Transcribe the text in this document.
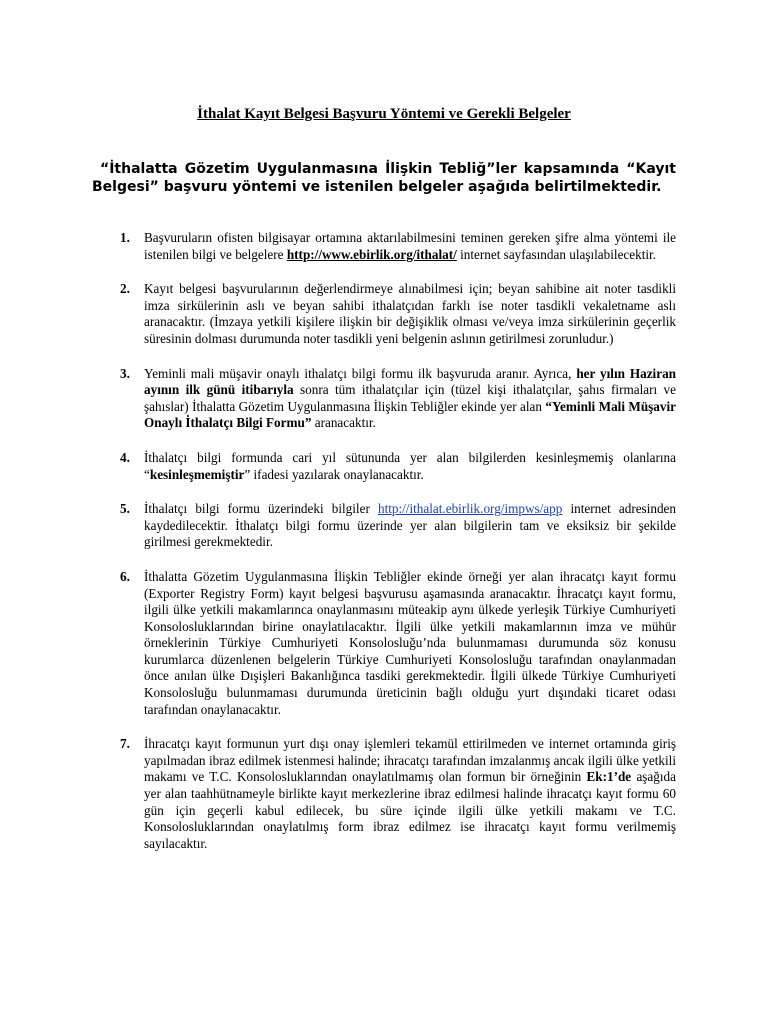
İthalat Kayıt Belgesi Başvuru Yöntemi ve Gerekli Belgeler

“İthalatta Gözetim Uygulanmasına İlişkin Tebliğ”ler kapsamında “Kayıt Belgesi” başvuru yöntemi ve istenilen belgeler aşağıda belirtilmektedir.

1. Başvuruların ofisten bilgisayar ortamına aktarılabilmesini teminen gereken şifre alma yöntemi ile istenilen bilgi ve belgelere http://www.ebirlik.org/ithalat/ internet sayfasından ulaşılabilecektir.
2. Kayıt belgesi başvurularının değerlendirmeye alınabilmesi için; beyan sahibine ait noter tasdikli imza sirkülerinin aslı ve beyan sahibi ithalatçıdan farklı ise noter tasdikli vekaletname aslı aranacaktır. (İmzaya yetkili kişilere ilişkin bir değişiklik olması ve/veya imza sirkülerinin geçerlik süresinin dolması durumunda noter tasdikli yeni belgenin aslının getirilmesi zorunludur.)
3. Yeminli mali müşavir onaylı ithalatçı bilgi formu ilk başvuruda aranır. Ayrıca, her yılın Haziran ayının ilk günü itibarıyla sonra tüm ithalatçılar için (tüzel kişi ithalatçılar, şahıs firmaları ve şahıslar) İthalatta Gözetim Uygulanmasına İlişkin Tebliğler ekinde yer alan “Yeminli Mali Müşavir Onaylı İthalatçı Bilgi Formu” aranacaktır.
4. İthalatçı bilgi formunda cari yıl sütununda yer alan bilgilerden kesinleşmemiş olanlarına “kesinleşmemiştir” ifadesi yazılarak onaylanacaktır.
5. İthalatçı bilgi formu üzerindeki bilgiler http://ithalat.ebirlik.org/impws/app internet adresinden kaydedilecektir. İthalatçı bilgi formu üzerinde yer alan bilgilerin tam ve eksiksiz bir şekilde girilmesi gerekmektedir.
6. İthalatta Gözetim Uygulanmasına İlişkin Tebliğler ekinde örneği yer alan ihracatçı kayıt formu (Exporter Registry Form) kayıt belgesi başvurusu aşamasında aranacaktır. İhracatçı kayıt formu, ilgili ülke yetkili makamlarınca onaylanmasını müteakip aynı ülkede yerleşik Türkiye Cumhuriyeti Konsolosluklarından birine onaylatılacaktır. İlgili ülke yetkili makamlarının imza ve mühür örneklerinin Türkiye Cumhuriyeti Konsolosluğu’nda bulunmaması durumunda söz konusu kurumlarca düzenlenen belgelerin Türkiye Cumhuriyeti Konsolosluğu tarafından onaylanmadan önce anılan ülke Dışişleri Bakanlığınca tasdiki gerekmektedir. İlgili ülkede Türkiye Cumhuriyeti Konsolosluğu bulunmaması durumunda üreticinin bağlı olduğu yurt dışındaki ticaret odası tarafından onaylanacaktır.
7. İhracatçı kayıt formunun yurt dışı onay işlemleri tekamül ettirilmeden ve internet ortamında giriş yapılmadan ibraz edilmek istenmesi halinde; ihracatçı tarafından imzalanmış ancak ilgili ülke yetkili makamı ve T.C. Konsolosluklarından onaylatılmamış olan formun bir örneğinin Ek:1’de aşağıda yer alan taahhütnameyle birlikte kayıt merkezlerine ibraz edilmesi halinde ihracatçı kayıt formu 60 gün için geçerli kabul edilecek, bu süre içinde ilgili ülke yetkili makamı ve T.C. Konsolosluklarından onaylatılmış form ibraz edilmez ise ihracatçı kayıt formu verilmemiş sayılacaktır.
